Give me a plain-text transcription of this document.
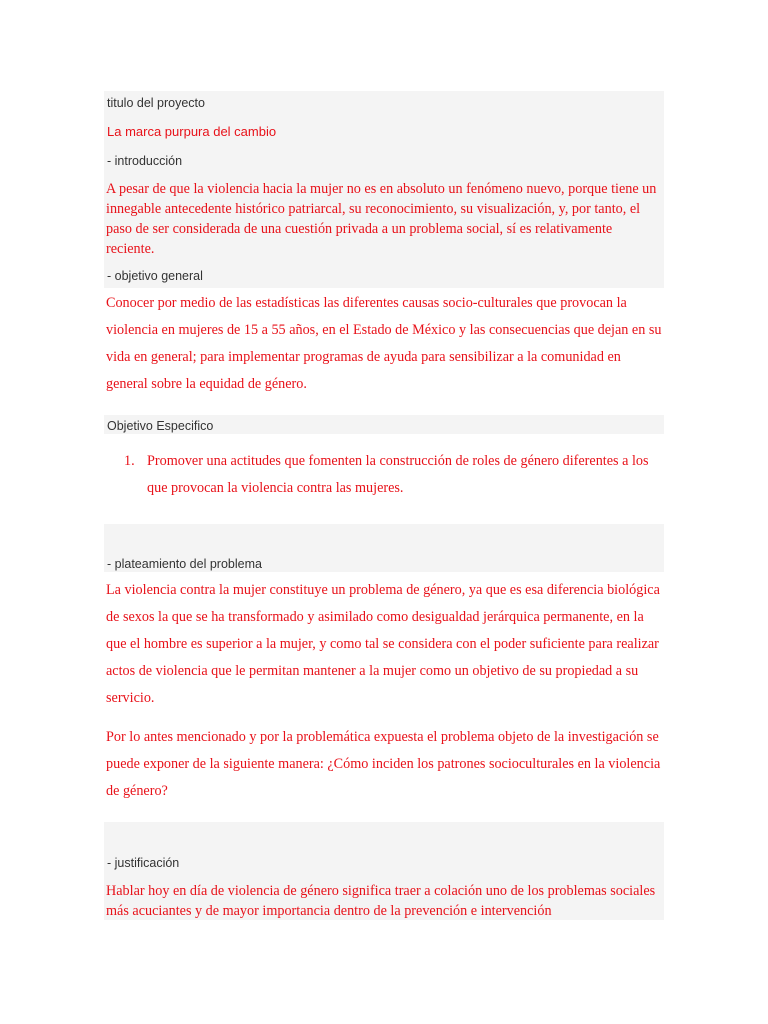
titulo del proyecto
La marca purpura del cambio
- introducción
A pesar de que la violencia hacia la mujer no es en absoluto un fenómeno nuevo, porque tiene un innegable antecedente histórico patriarcal, su reconocimiento, su visualización, y, por tanto, el paso de ser considerada de una cuestión privada a un problema social, sí es relativamente reciente.
- objetivo general
Conocer por medio de las estadísticas las diferentes causas socio-culturales que provocan la violencia en mujeres de 15 a 55 años, en el Estado de México y las consecuencias que dejan en su vida en general; para implementar programas de ayuda para sensibilizar a la comunidad en general sobre la equidad de género.
Objetivo Especifico
1. Promover una actitudes que fomenten la construcción de roles de género diferentes a los que provocan la violencia contra las mujeres.
- plateamiento del problema
La violencia contra la mujer constituye un problema de género, ya que es esa diferencia biológica de sexos la que se ha transformado y asimilado como desigualdad jerárquica permanente, en la que el hombre es superior a la mujer, y como tal se considera con el poder suficiente para realizar actos de violencia que le permitan mantener a la mujer como un objetivo de su propiedad a su servicio.
Por lo antes mencionado y por la problemática expuesta el problema objeto de la investigación se puede exponer de la siguiente manera: ¿Cómo inciden los patrones socioculturales en la violencia de género?
- justificación
Hablar hoy en día de violencia de género significa traer a colación uno de los problemas sociales más acuciantes y de mayor importancia dentro de la prevención e intervención
